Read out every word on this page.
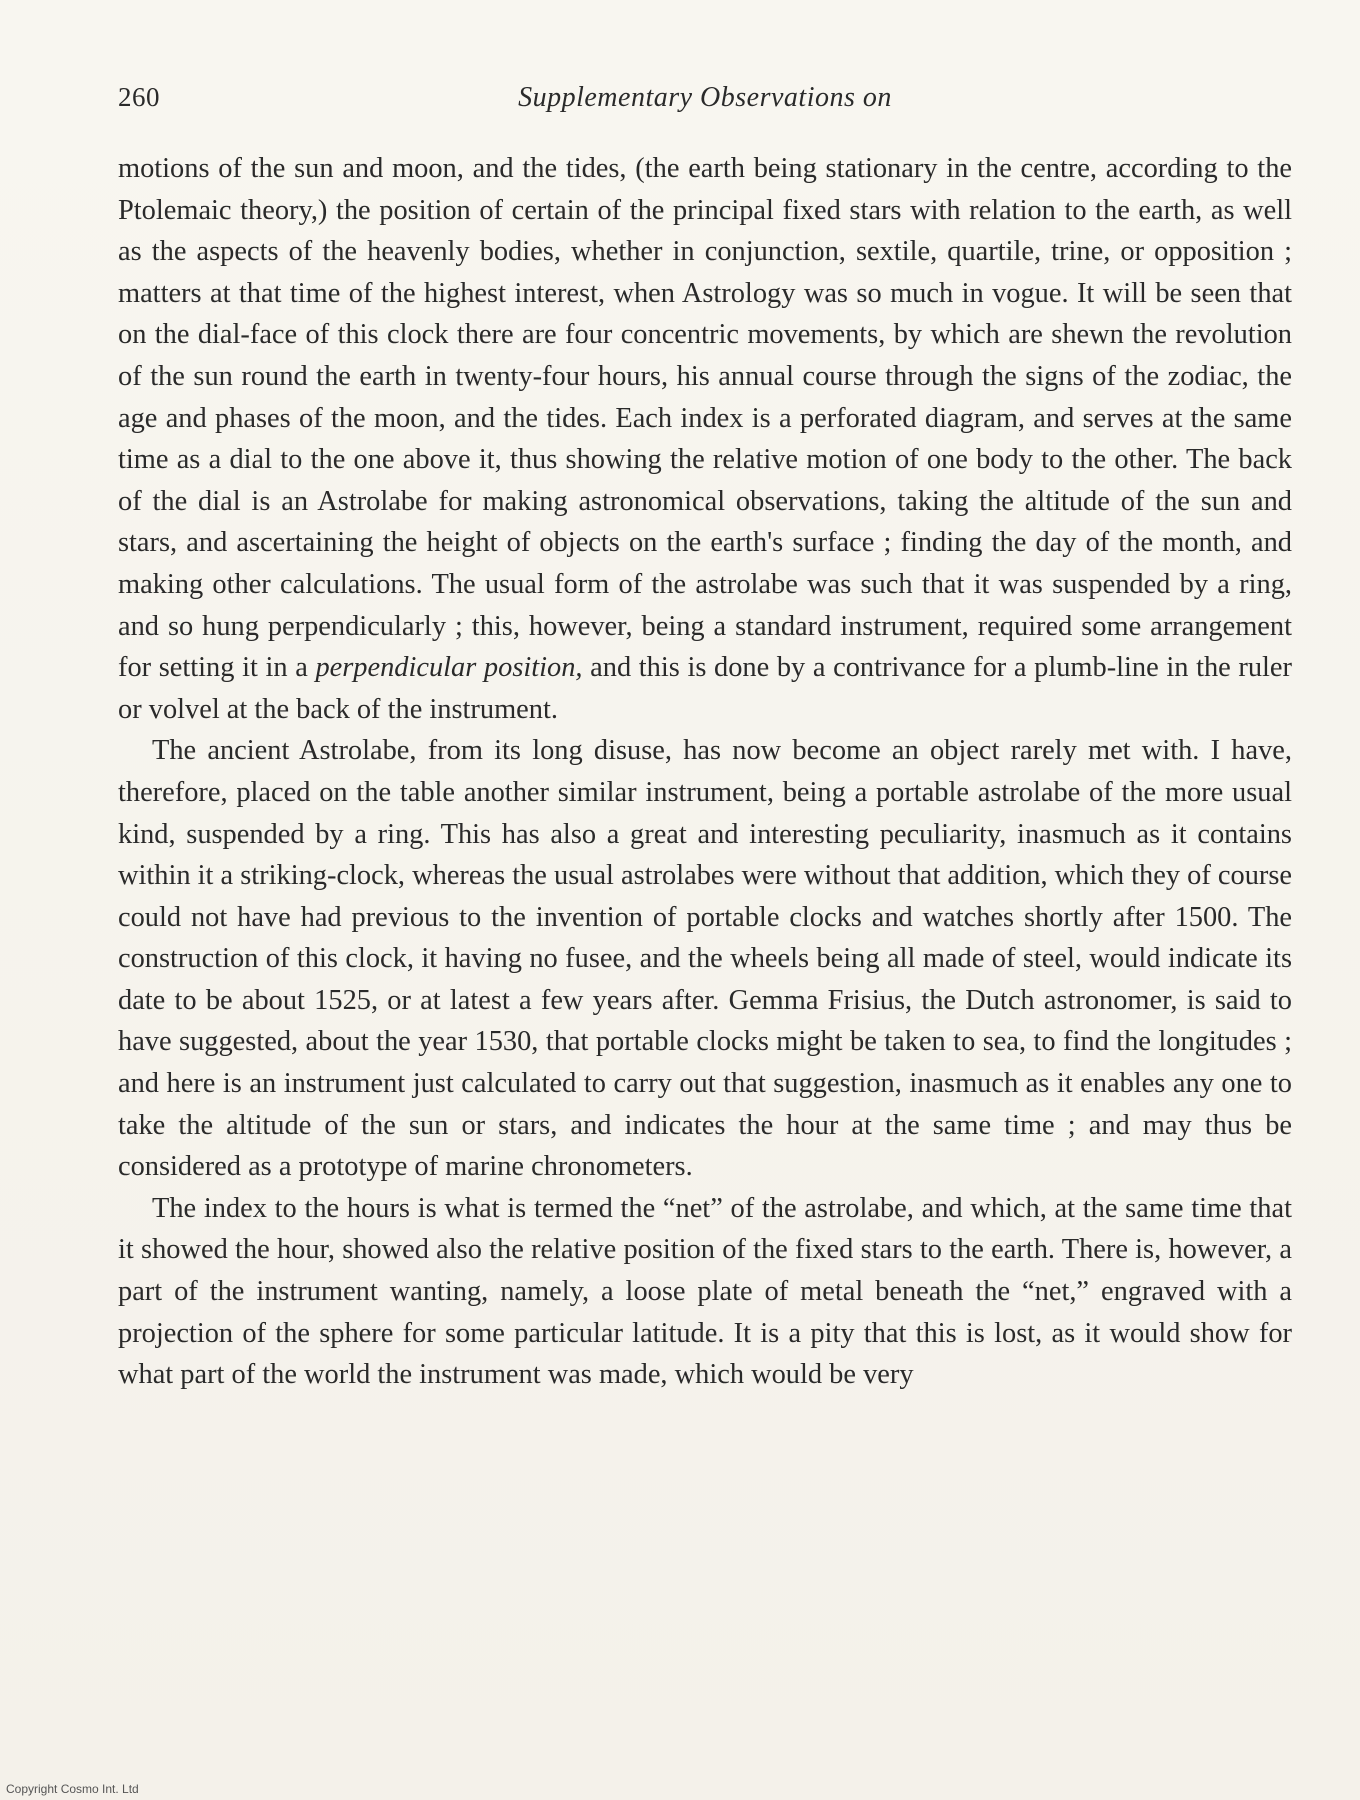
260	Supplementary Observations on

motions of the sun and moon, and the tides, (the earth being stationary in the centre, according to the Ptolemaic theory,) the position of certain of the principal fixed stars with relation to the earth, as well as the aspects of the heavenly bodies, whether in conjunction, sextile, quartile, trine, or opposition ; matters at that time of the highest interest, when Astrology was so much in vogue. It will be seen that on the dial-face of this clock there are four concentric movements, by which are shewn the revolution of the sun round the earth in twenty-four hours, his annual course through the signs of the zodiac, the age and phases of the moon, and the tides. Each index is a perforated diagram, and serves at the same time as a dial to the one above it, thus showing the relative motion of one body to the other. The back of the dial is an Astrolabe for making astronomical observations, taking the altitude of the sun and stars, and ascertaining the height of objects on the earth's surface ; finding the day of the month, and making other calculations. The usual form of the astrolabe was such that it was suspended by a ring, and so hung perpendicularly ; this, however, being a standard instrument, required some arrangement for setting it in a perpendicular position, and this is done by a contrivance for a plumb-line in the ruler or volvel at the back of the instrument.

The ancient Astrolabe, from its long disuse, has now become an object rarely met with. I have, therefore, placed on the table another similar instrument, being a portable astrolabe of the more usual kind, suspended by a ring. This has also a great and interesting peculiarity, inasmuch as it contains within it a striking-clock, whereas the usual astrolabes were without that addition, which they of course could not have had previous to the invention of portable clocks and watches shortly after 1500. The construction of this clock, it having no fusee, and the wheels being all made of steel, would indicate its date to be about 1525, or at latest a few years after. Gemma Frisius, the Dutch astronomer, is said to have suggested, about the year 1530, that portable clocks might be taken to sea, to find the longitudes ; and here is an instrument just calculated to carry out that suggestion, inasmuch as it enables any one to take the altitude of the sun or stars, and indicates the hour at the same time ; and may thus be considered as a prototype of marine chronometers.

The index to the hours is what is termed the “net” of the astrolabe, and which, at the same time that it showed the hour, showed also the relative position of the fixed stars to the earth. There is, however, a part of the instrument wanting, namely, a loose plate of metal beneath the “net,” engraved with a projection of the sphere for some particular latitude. It is a pity that this is lost, as it would show for what part of the world the instrument was made, which would be very

Copyright Cosmo Int. Ltd
